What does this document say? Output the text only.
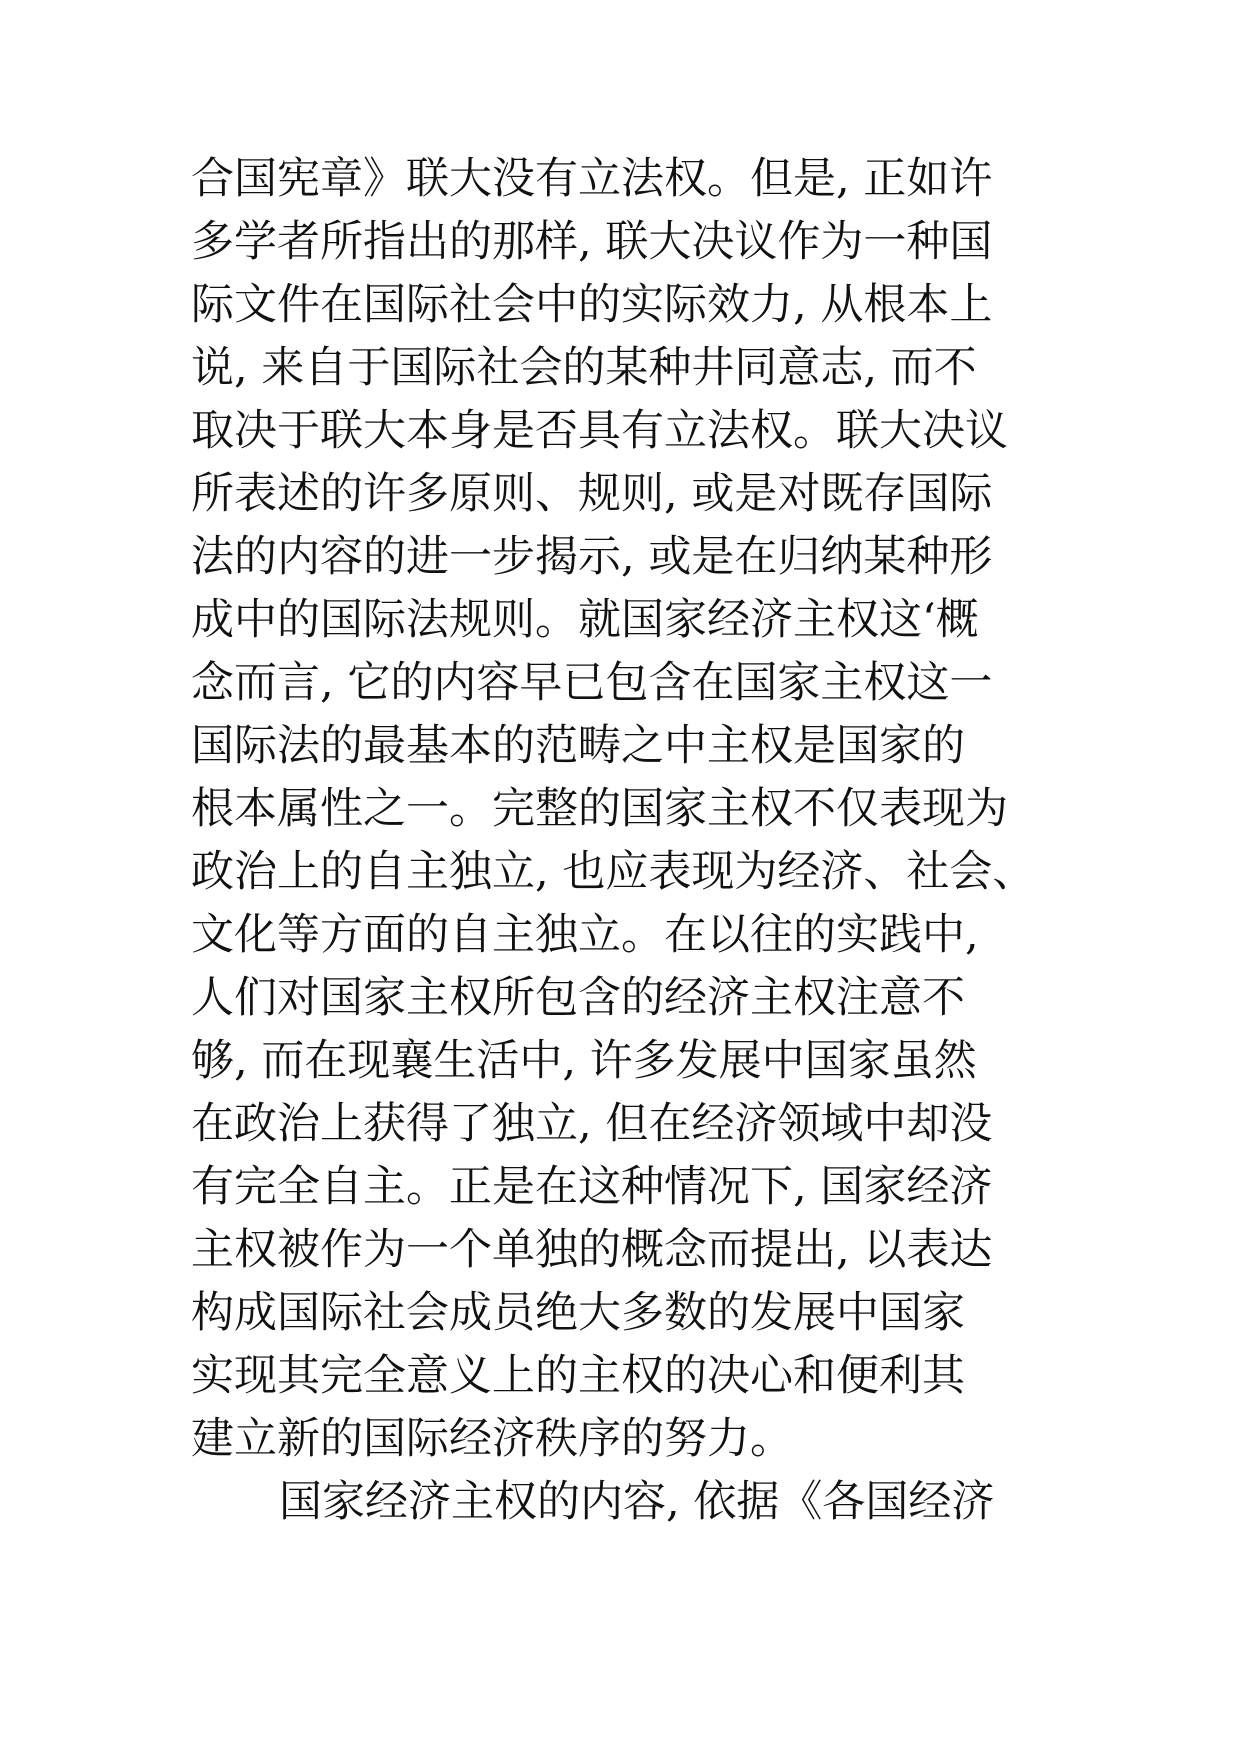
合国宪章》联大没有立法权。但是, 正如许
多学者所指出的那样, 联大决议作为一种国
际文件在国际社会中的实际效力, 从根本上
说, 来自于国际社会的某种井同意志, 而不
取决于联大本身是否具有立法权。联大决议
所表述的许多原则、规则, 或是对既存国际
法的内容的进一步揭示, 或是在归纳某种形
成中的国际法规则。就国家经济主权这‘概
念而言, 它的内容早已包含在国家主权这一
国际法的最基本的范畴之中主权是国家的
根本属性之一。完整的国家主权不仅表现为
政治上的自主独立, 也应表现为经济、社会、
文化等方面的自主独立。在以往的实践中,
人们对国家主权所包含的经济主权注意不
够, 而在现襄生活中, 许多发展中国家虽然
在政治上获得了独立, 但在经济领域中却没
有完全自主。正是在这种情况下, 国家经济
主权被作为一个单独的概念而提出, 以表达
构成国际社会成员绝大多数的发展中国家
实现其完全意义上的主权的决心和便利其
建立新的国际经济秩序的努力。
国家经济主权的内容, 依据《各国经济
